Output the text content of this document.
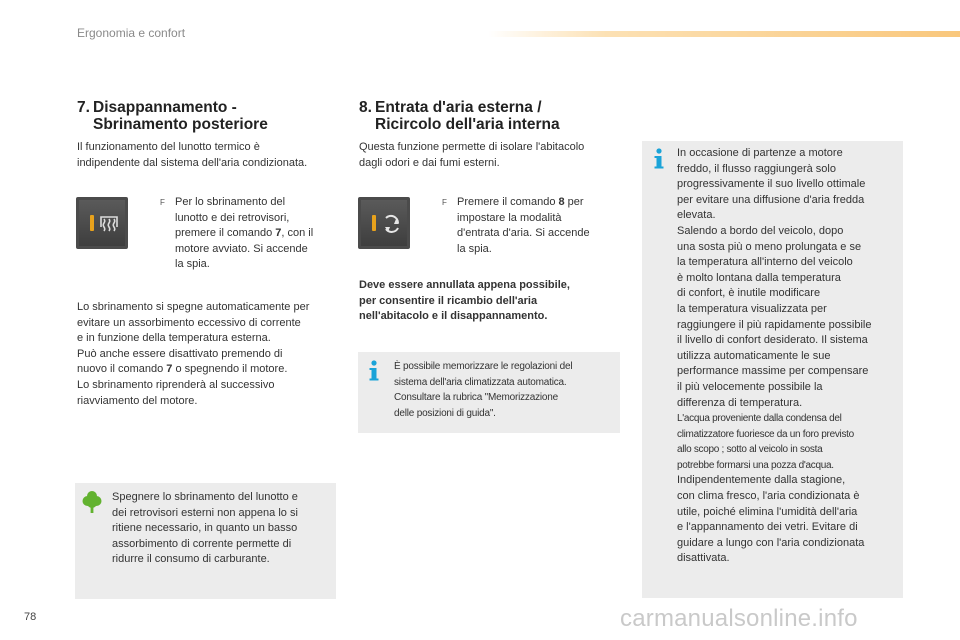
Ergonomia e confort
7. Disappannamento -
Sbrinamento posteriore
Il funzionamento del lunotto termico è
indipendente dal sistema dell'aria condizionata.
F Per lo sbrinamento del
lunotto e dei retrovisori,
premere il comando 7, con il
motore avviato. Si accende
la spia.
Lo sbrinamento si spegne automaticamente per
evitare un assorbimento eccessivo di corrente
e in funzione della temperatura esterna.
Può anche essere disattivato premendo di
nuovo il comando 7 o spegnendo il motore.
Lo sbrinamento riprenderà al successivo
riavviamento del motore.
Spegnere lo sbrinamento del lunotto e
dei retrovisori esterni non appena lo si
ritiene necessario, in quanto un basso
assorbimento di corrente permette di
ridurre il consumo di carburante.
8. Entrata d'aria esterna /
Ricircolo dell'aria interna
Questa funzione permette di isolare l'abitacolo
dagli odori e dai fumi esterni.
F Premere il comando 8 per
impostare la modalità
d'entrata d'aria. Si accende
la spia.
Deve essere annullata appena possibile,
per consentire il ricambio dell'aria
nell'abitacolo e il disappannamento.
È possibile memorizzare le regolazioni del
sistema dell'aria climatizzata automatica.
Consultare la rubrica "Memorizzazione
delle posizioni di guida".
In occasione di partenze a motore
freddo, il flusso raggiungerà solo
progressivamente il suo livello ottimale
per evitare una diffusione d'aria fredda
elevata.
Salendo a bordo del veicolo, dopo
una sosta più o meno prolungata e se
la temperatura all'interno del veicolo
è molto lontana dalla temperatura
di confort, è inutile modificare
la temperatura visualizzata per
raggiungere il più rapidamente possibile
il livello di confort desiderato. Il sistema
utilizza automaticamente le sue
performance massime per compensare
il più velocemente possibile la
differenza di temperatura.
L'acqua proveniente dalla condensa del
climatizzatore fuoriesce da un foro previsto
allo scopo ; sotto al veicolo in sosta
potrebbe formarsi una pozza d'acqua.
Indipendentemente dalla stagione,
con clima fresco, l'aria condizionata è
utile, poiché elimina l'umidità dell'aria
e l'appannamento dei vetri. Evitare di
guidare a lungo con l'aria condizionata
disattivata.
78	carmanualsonline.info
